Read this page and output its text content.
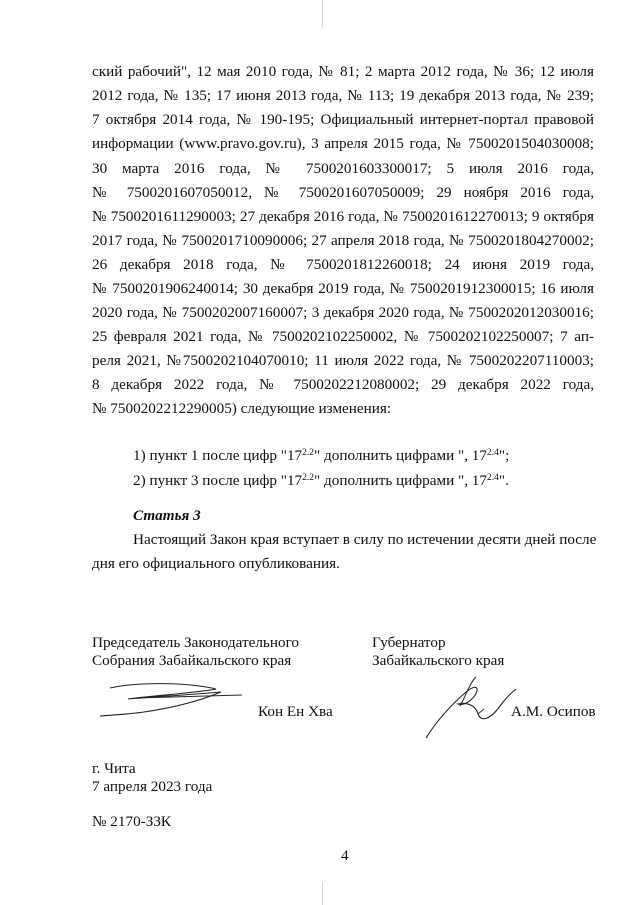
ский рабочий", 12 мая 2010 года, № 81; 2 марта 2012 года, № 36; 12 июля
2012 года, № 135; 17 июня 2013 года, № 113; 19 декабря 2013 года, № 239;
7 октября 2014 года, № 190-195; Официальный интернет-портал правовой
информации (www.pravo.gov.ru), 3 апреля 2015 года, № 7500201504030008;
30 марта 2016 года, № 7500201603300017; 5 июля 2016 года,
№ 7500201607050012, № 7500201607050009; 29 ноября 2016 года,
№ 7500201611290003; 27 декабря 2016 года, № 7500201612270013; 9 октября
2017 года, № 7500201710090006; 27 апреля 2018 года, № 7500201804270002;
26 декабря 2018 года, № 7500201812260018; 24 июня 2019 года,
№ 7500201906240014; 30 декабря 2019 года, № 7500201912300015; 16 июля
2020 года, № 7500202007160007; 3 декабря 2020 года, № 7500202012030016;
25 февраля 2021 года, № 7500202102250002, № 7500202102250007; 7 ап-
реля 2021, №7500202104070010; 11 июля 2022 года, № 7500202207110003;
8 декабря 2022 года, № 7500202212080002; 29 декабря 2022 года,
№ 7500202212290005) следующие изменения:
1) пункт 1 после цифр "$17^{2.2}$" дополнить цифрами ", $17^{2.4}$";
2) пункт 3 после цифр "$17^{2.2}$" дополнить цифрами ", $17^{2.4}$".
Статья 3
Настоящий Закон края вступает в силу по истечении десяти дней после
дня его официального опубликования.
Председатель Законодательного
Собрания Забайкальского края
Кон Ен Хва
Губернатор
Забайкальского края
А.М. Осипов
г. Чита
7 апреля 2023 года
№ 2170-ЗЗК
4
